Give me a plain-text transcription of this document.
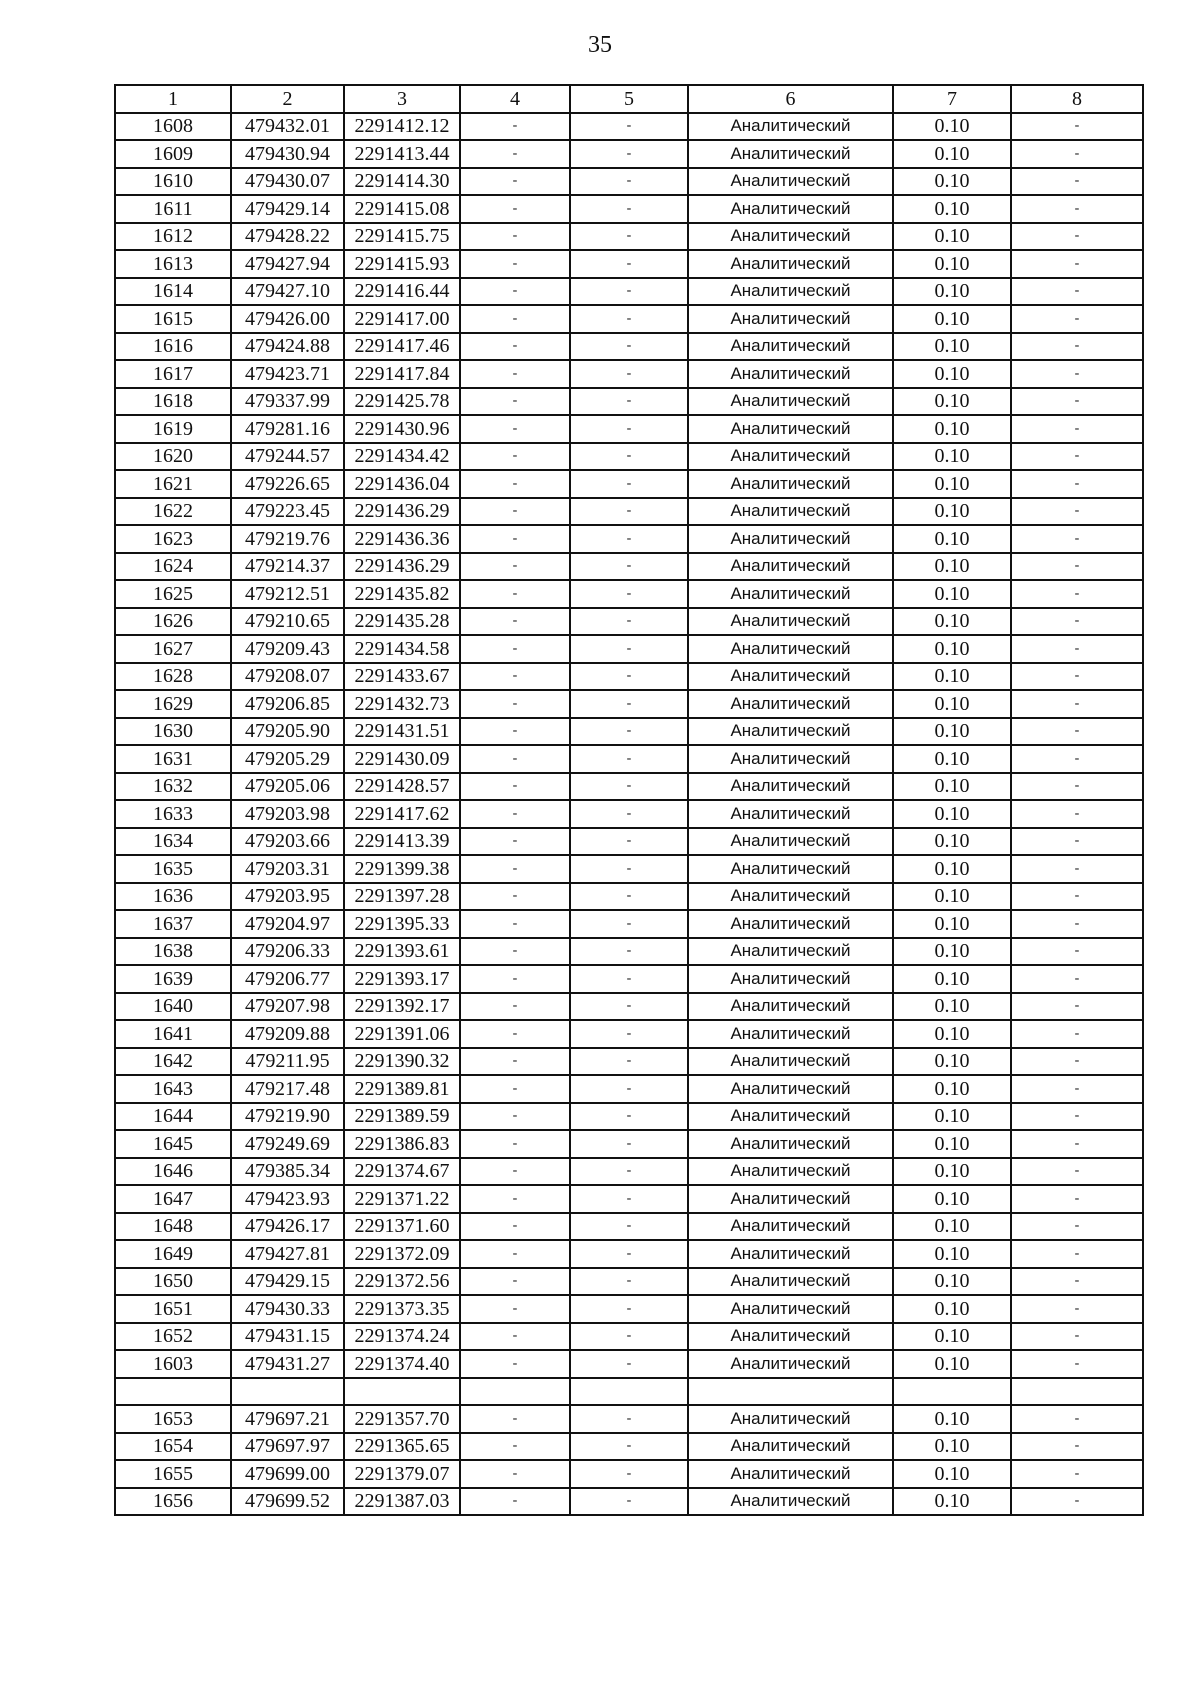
35
1	2	3	4	5	6	7	8
1608	479432.01	2291412.12	-	-	Аналитический	0.10	-
1609	479430.94	2291413.44	-	-	Аналитический	0.10	-
1610	479430.07	2291414.30	-	-	Аналитический	0.10	-
1611	479429.14	2291415.08	-	-	Аналитический	0.10	-
1612	479428.22	2291415.75	-	-	Аналитический	0.10	-
1613	479427.94	2291415.93	-	-	Аналитический	0.10	-
1614	479427.10	2291416.44	-	-	Аналитический	0.10	-
1615	479426.00	2291417.00	-	-	Аналитический	0.10	-
1616	479424.88	2291417.46	-	-	Аналитический	0.10	-
1617	479423.71	2291417.84	-	-	Аналитический	0.10	-
1618	479337.99	2291425.78	-	-	Аналитический	0.10	-
1619	479281.16	2291430.96	-	-	Аналитический	0.10	-
1620	479244.57	2291434.42	-	-	Аналитический	0.10	-
1621	479226.65	2291436.04	-	-	Аналитический	0.10	-
1622	479223.45	2291436.29	-	-	Аналитический	0.10	-
1623	479219.76	2291436.36	-	-	Аналитический	0.10	-
1624	479214.37	2291436.29	-	-	Аналитический	0.10	-
1625	479212.51	2291435.82	-	-	Аналитический	0.10	-
1626	479210.65	2291435.28	-	-	Аналитический	0.10	-
1627	479209.43	2291434.58	-	-	Аналитический	0.10	-
1628	479208.07	2291433.67	-	-	Аналитический	0.10	-
1629	479206.85	2291432.73	-	-	Аналитический	0.10	-
1630	479205.90	2291431.51	-	-	Аналитический	0.10	-
1631	479205.29	2291430.09	-	-	Аналитический	0.10	-
1632	479205.06	2291428.57	-	-	Аналитический	0.10	-
1633	479203.98	2291417.62	-	-	Аналитический	0.10	-
1634	479203.66	2291413.39	-	-	Аналитический	0.10	-
1635	479203.31	2291399.38	-	-	Аналитический	0.10	-
1636	479203.95	2291397.28	-	-	Аналитический	0.10	-
1637	479204.97	2291395.33	-	-	Аналитический	0.10	-
1638	479206.33	2291393.61	-	-	Аналитический	0.10	-
1639	479206.77	2291393.17	-	-	Аналитический	0.10	-
1640	479207.98	2291392.17	-	-	Аналитический	0.10	-
1641	479209.88	2291391.06	-	-	Аналитический	0.10	-
1642	479211.95	2291390.32	-	-	Аналитический	0.10	-
1643	479217.48	2291389.81	-	-	Аналитический	0.10	-
1644	479219.90	2291389.59	-	-	Аналитический	0.10	-
1645	479249.69	2291386.83	-	-	Аналитический	0.10	-
1646	479385.34	2291374.67	-	-	Аналитический	0.10	-
1647	479423.93	2291371.22	-	-	Аналитический	0.10	-
1648	479426.17	2291371.60	-	-	Аналитический	0.10	-
1649	479427.81	2291372.09	-	-	Аналитический	0.10	-
1650	479429.15	2291372.56	-	-	Аналитический	0.10	-
1651	479430.33	2291373.35	-	-	Аналитический	0.10	-
1652	479431.15	2291374.24	-	-	Аналитический	0.10	-
1603	479431.27	2291374.40	-	-	Аналитический	0.10	-

1653	479697.21	2291357.70	-	-	Аналитический	0.10	-
1654	479697.97	2291365.65	-	-	Аналитический	0.10	-
1655	479699.00	2291379.07	-	-	Аналитический	0.10	-
1656	479699.52	2291387.03	-	-	Аналитический	0.10	-
